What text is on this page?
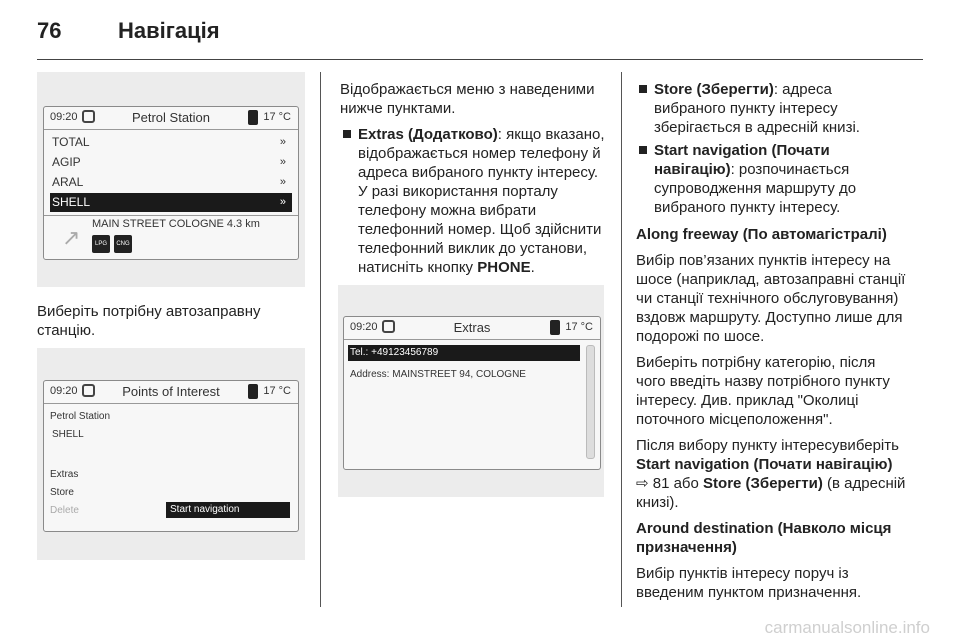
76	Навігація
09:20	Petrol Station	17 °C
TOTAL	»
AGIP	»
ARAL	»
SHELL	»
MAIN STREET COLOGNE 4.3 km
↗	LPG	CNG
Виберіть потрібну автозаправну станцію.
09:20	Points of Interest	17 °C
Petrol Station
SHELL
Extras
Store
Delete	Start navigation

Відображається меню з наведеними нижче пунктами.

Extras (Додатково): якщо вказано, відображається номер телефону й адреса вибраного пункту інтересу. У разі використання порталу телефону можна вибрати телефонний номер. Щоб здійснити телефонний виклик до установи, натисніть кнопку PHONE.
09:20	Extras	17 °C
Tel.: +49123456789
Address: MAINSTREET 94, COLOGNE
Store (Зберегти): адреса вибраного пункту інтересу зберігається в адресній книзі.
Start navigation (Почати навігацію): розпочинається супроводження маршруту до вибраного пункту інтересу.

Along freeway (По автомагістралі)

Вибір пов’язаних пунктів інтересу на шосе (наприклад, автозаправні станції чи станції технічного обслуговування) вздовж маршруту. Доступно лише для подорожі по шосе.

Виберіть потрібну категорію, після чого введіть назву потрібного пункту інтересу. Див. приклад "Околиці поточного місцеположення".

Після вибору пункту інтересувиберіть Start navigation (Почати навігацію) ⇨ 81 або Store (Зберегти) (в адресній книзі).

Around destination (Навколо місця призначення)

Вибір пунктів інтересу поруч із введеним пунктом призначення.

carmanualsonline.info
